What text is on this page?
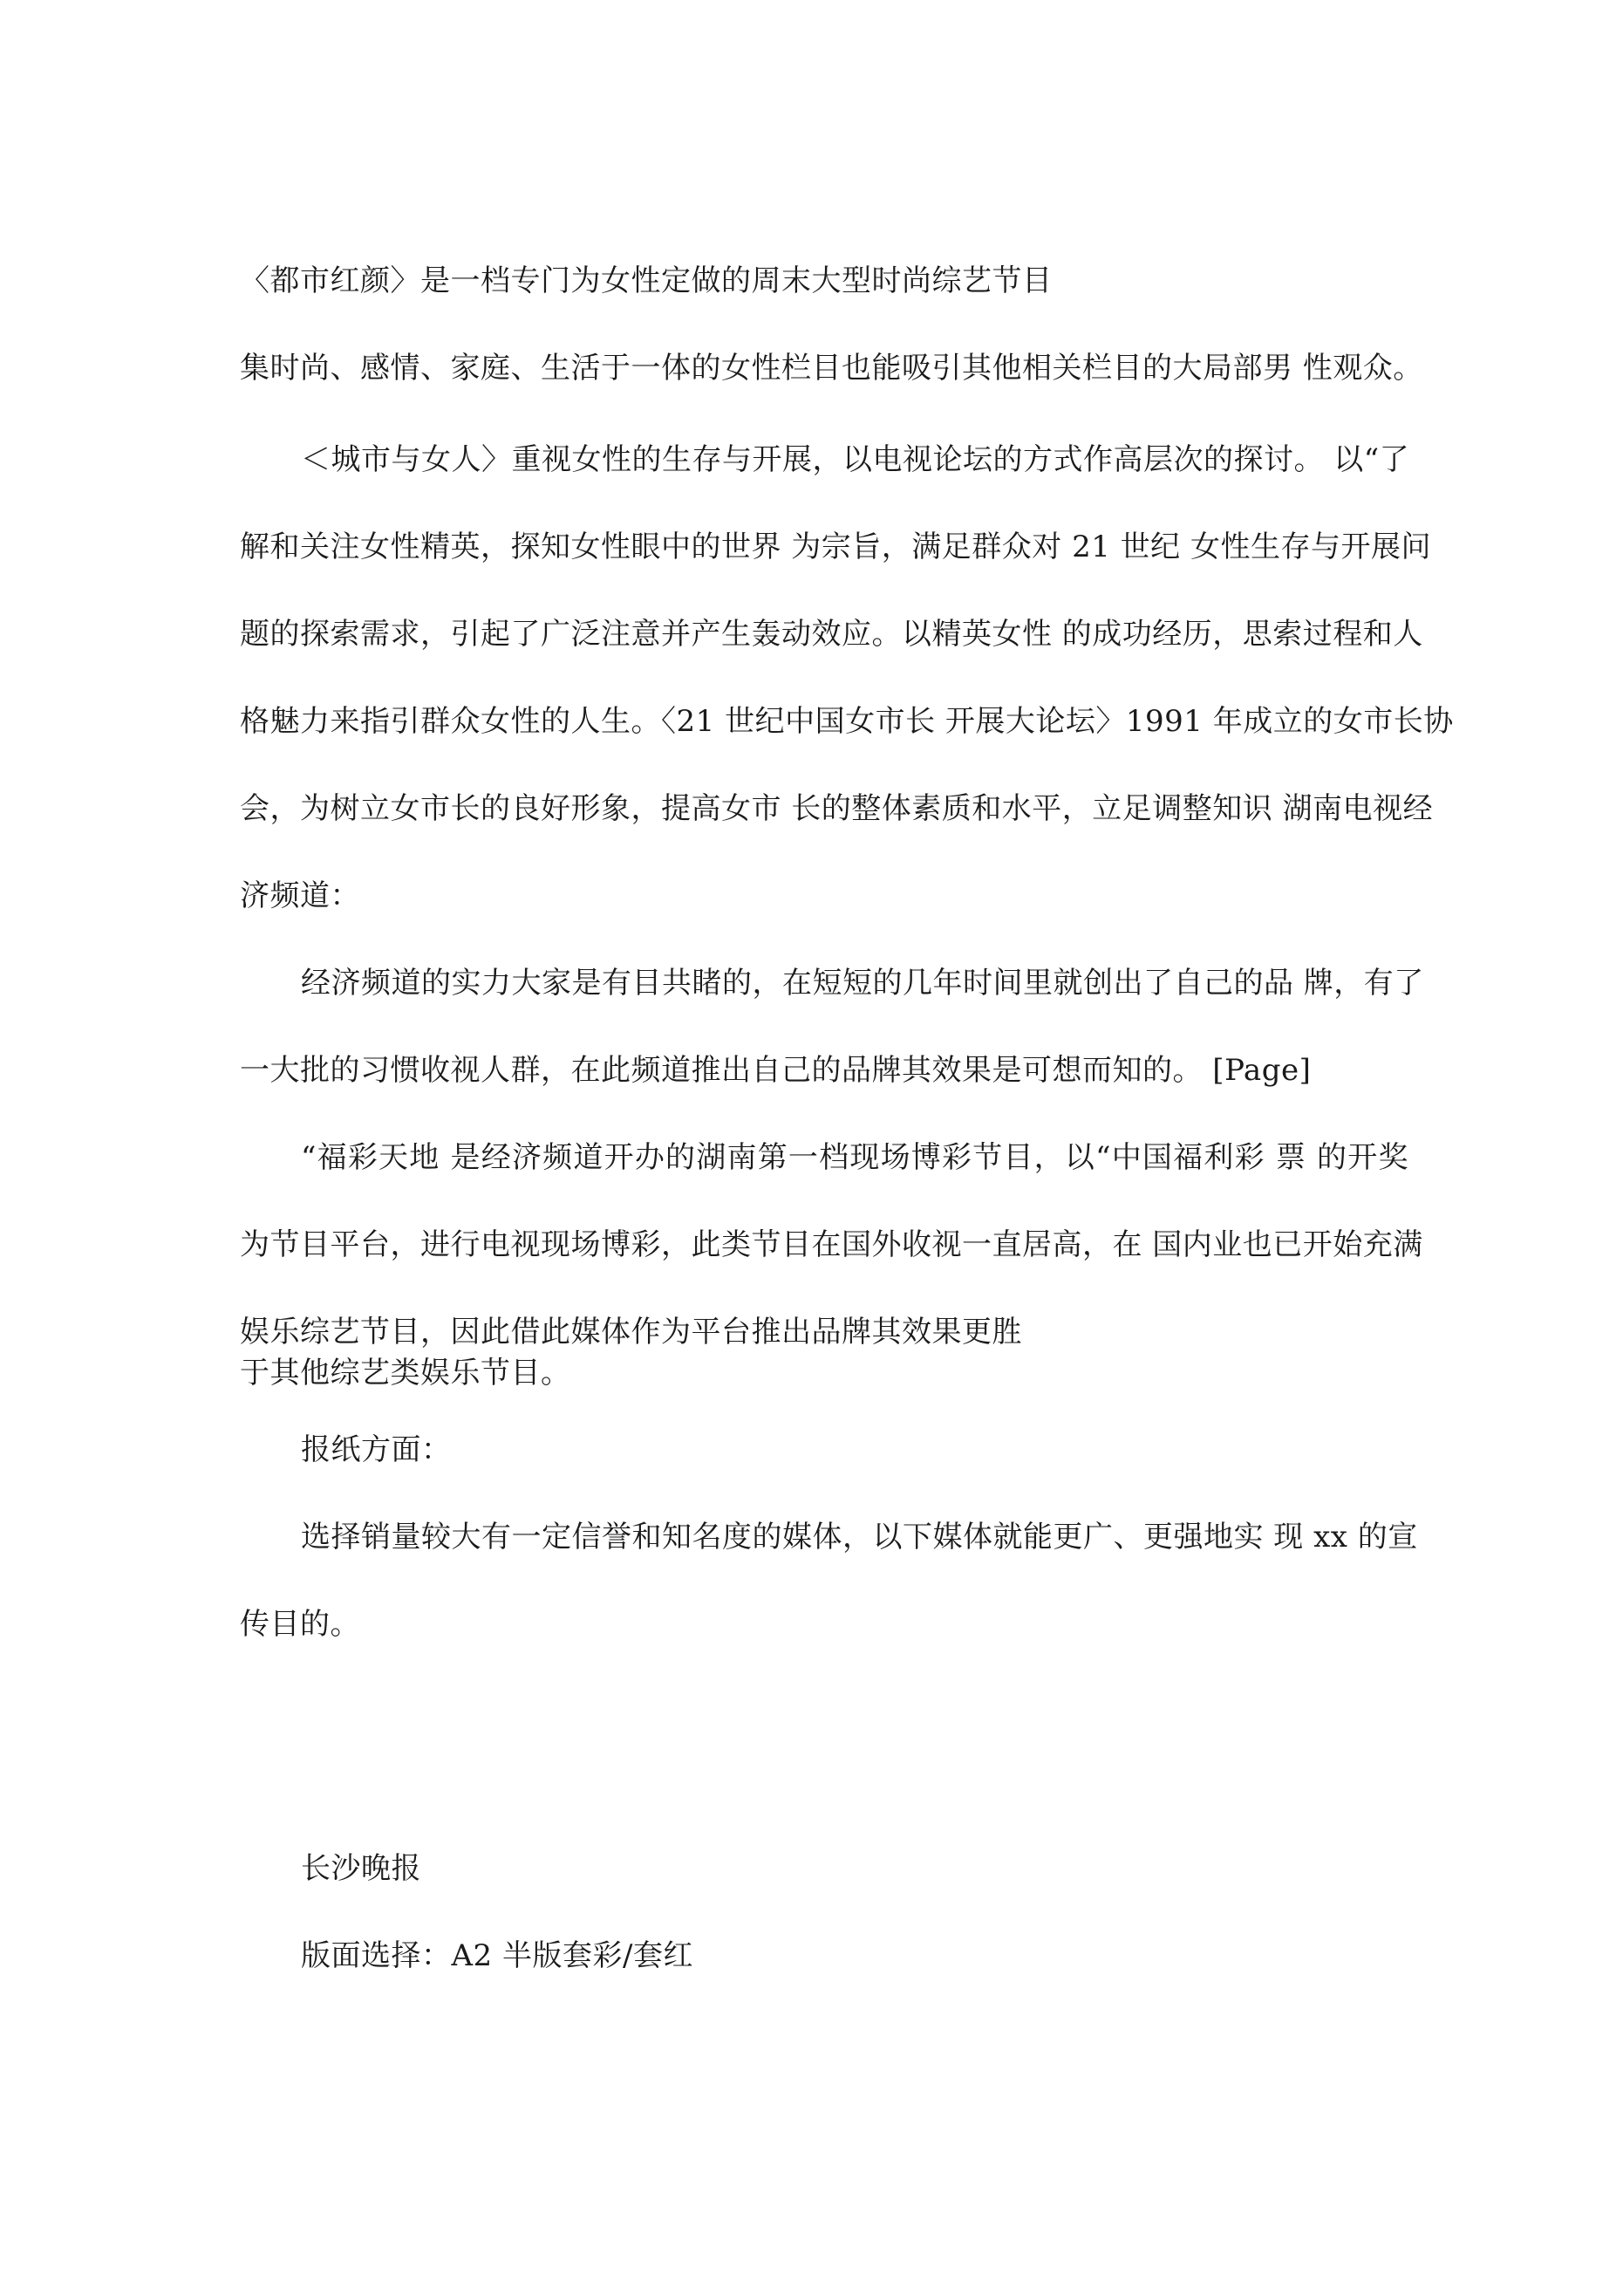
〈都市红颜〉是一档专门为女性定做的周末大型时尚综艺节目
集时尚、感情、家庭、生活于一体的女性栏目也能吸引其他相关栏目的大局部男 性观众。
＜城市与女人〉重视女性的生存与开展，以电视论坛的方式作高层次的探讨。 以“了
解和关注女性精英，探知女性眼中的世界 为宗旨，满足群众对 21 世纪 女性生存与开展问
题的探索需求，引起了广泛注意并产生轰动效应。以精英女性 的成功经历，思索过程和人
格魅力来指引群众女性的人生。〈21 世纪中国女市长 开展大论坛〉1991 年成立的女市长协
会，为树立女市长的良好形象，提高女市 长的整体素质和水平，立足调整知识 湖南电视经
济频道：
经济频道的实力大家是有目共睹的，在短短的几年时间里就创出了自己的品 牌，有了
一大批的习惯收视人群，在此频道推出自己的品牌其效果是可想而知的。 [Page]
“福彩天地 是经济频道开办的湖南第一档现场博彩节目，以“中国福利彩 票 的开奖
为节目平台，进行电视现场博彩，此类节目在国外收视一直居高，在 国内业也已开始充满
娱乐综艺节目，因此借此媒体作为平台推出品牌其效果更胜
于其他综艺类娱乐节目。
报纸方面：
选择销量较大有一定信誉和知名度的媒体，以下媒体就能更广、更强地实 现 xx 的宣
传目的。
长沙晚报
版面选择：A2 半版套彩/套红
